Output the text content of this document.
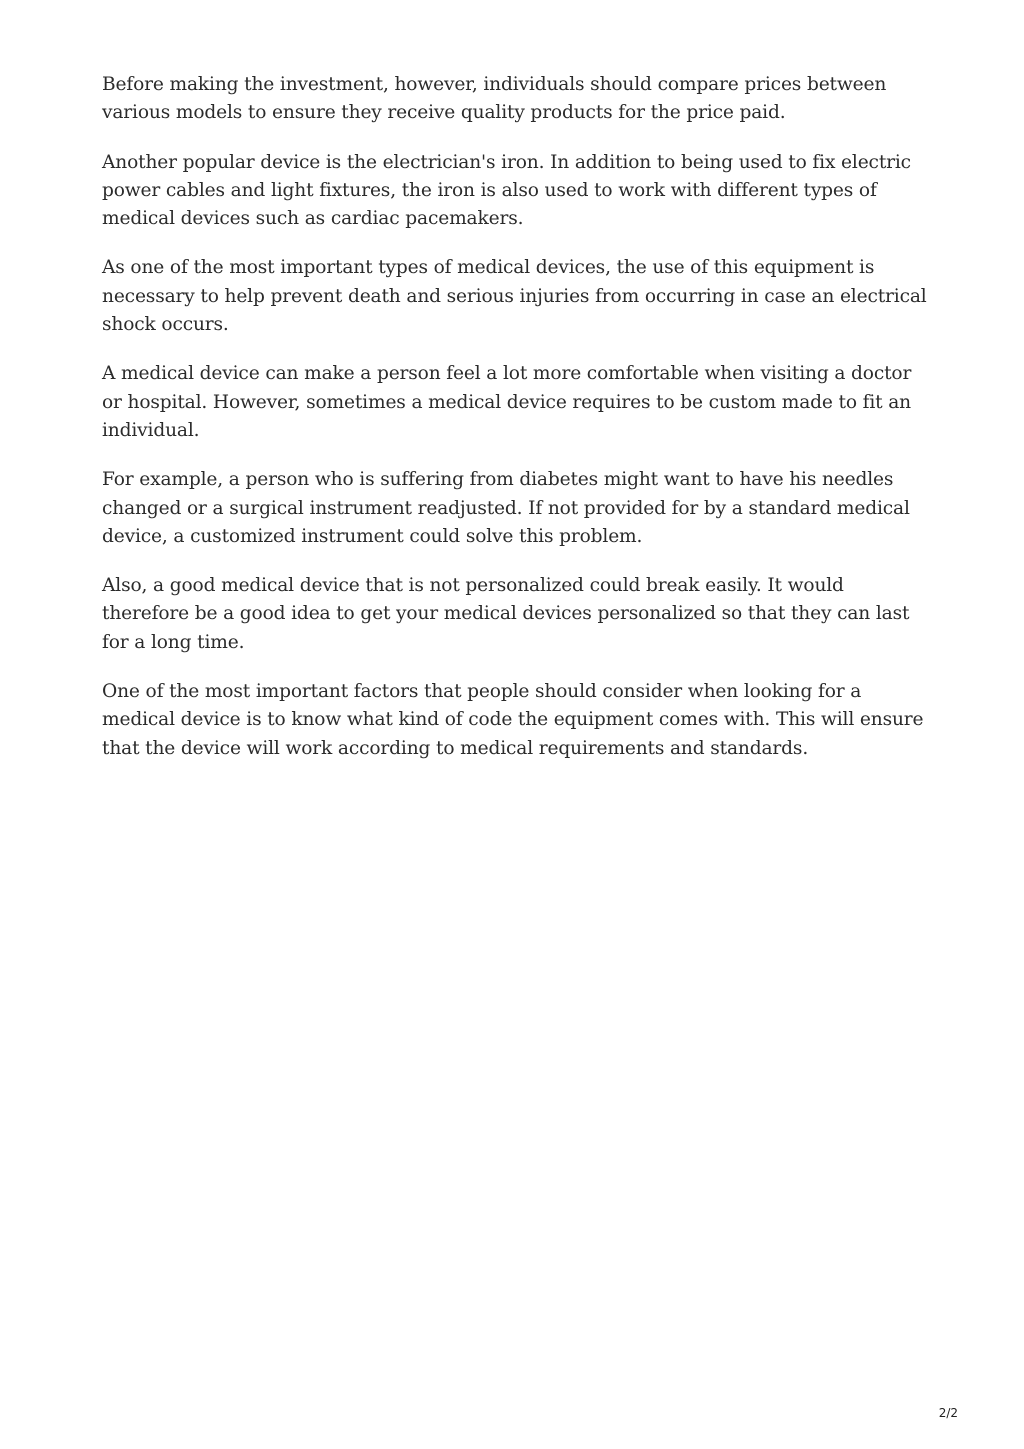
Before making the investment, however, individuals should compare prices between various models to ensure they receive quality products for the price paid.

Another popular device is the electrician's iron. In addition to being used to fix electric power cables and light fixtures, the iron is also used to work with different types of medical devices such as cardiac pacemakers.

As one of the most important types of medical devices, the use of this equipment is necessary to help prevent death and serious injuries from occurring in case an electrical shock occurs.

A medical device can make a person feel a lot more comfortable when visiting a doctor or hospital. However, sometimes a medical device requires to be custom made to fit an individual.

For example, a person who is suffering from diabetes might want to have his needles changed or a surgical instrument readjusted. If not provided for by a standard medical device, a customized instrument could solve this problem.

Also, a good medical device that is not personalized could break easily. It would therefore be a good idea to get your medical devices personalized so that they can last for a long time.

One of the most important factors that people should consider when looking for a medical device is to know what kind of code the equipment comes with. This will ensure that the device will work according to medical requirements and standards.

2/2
